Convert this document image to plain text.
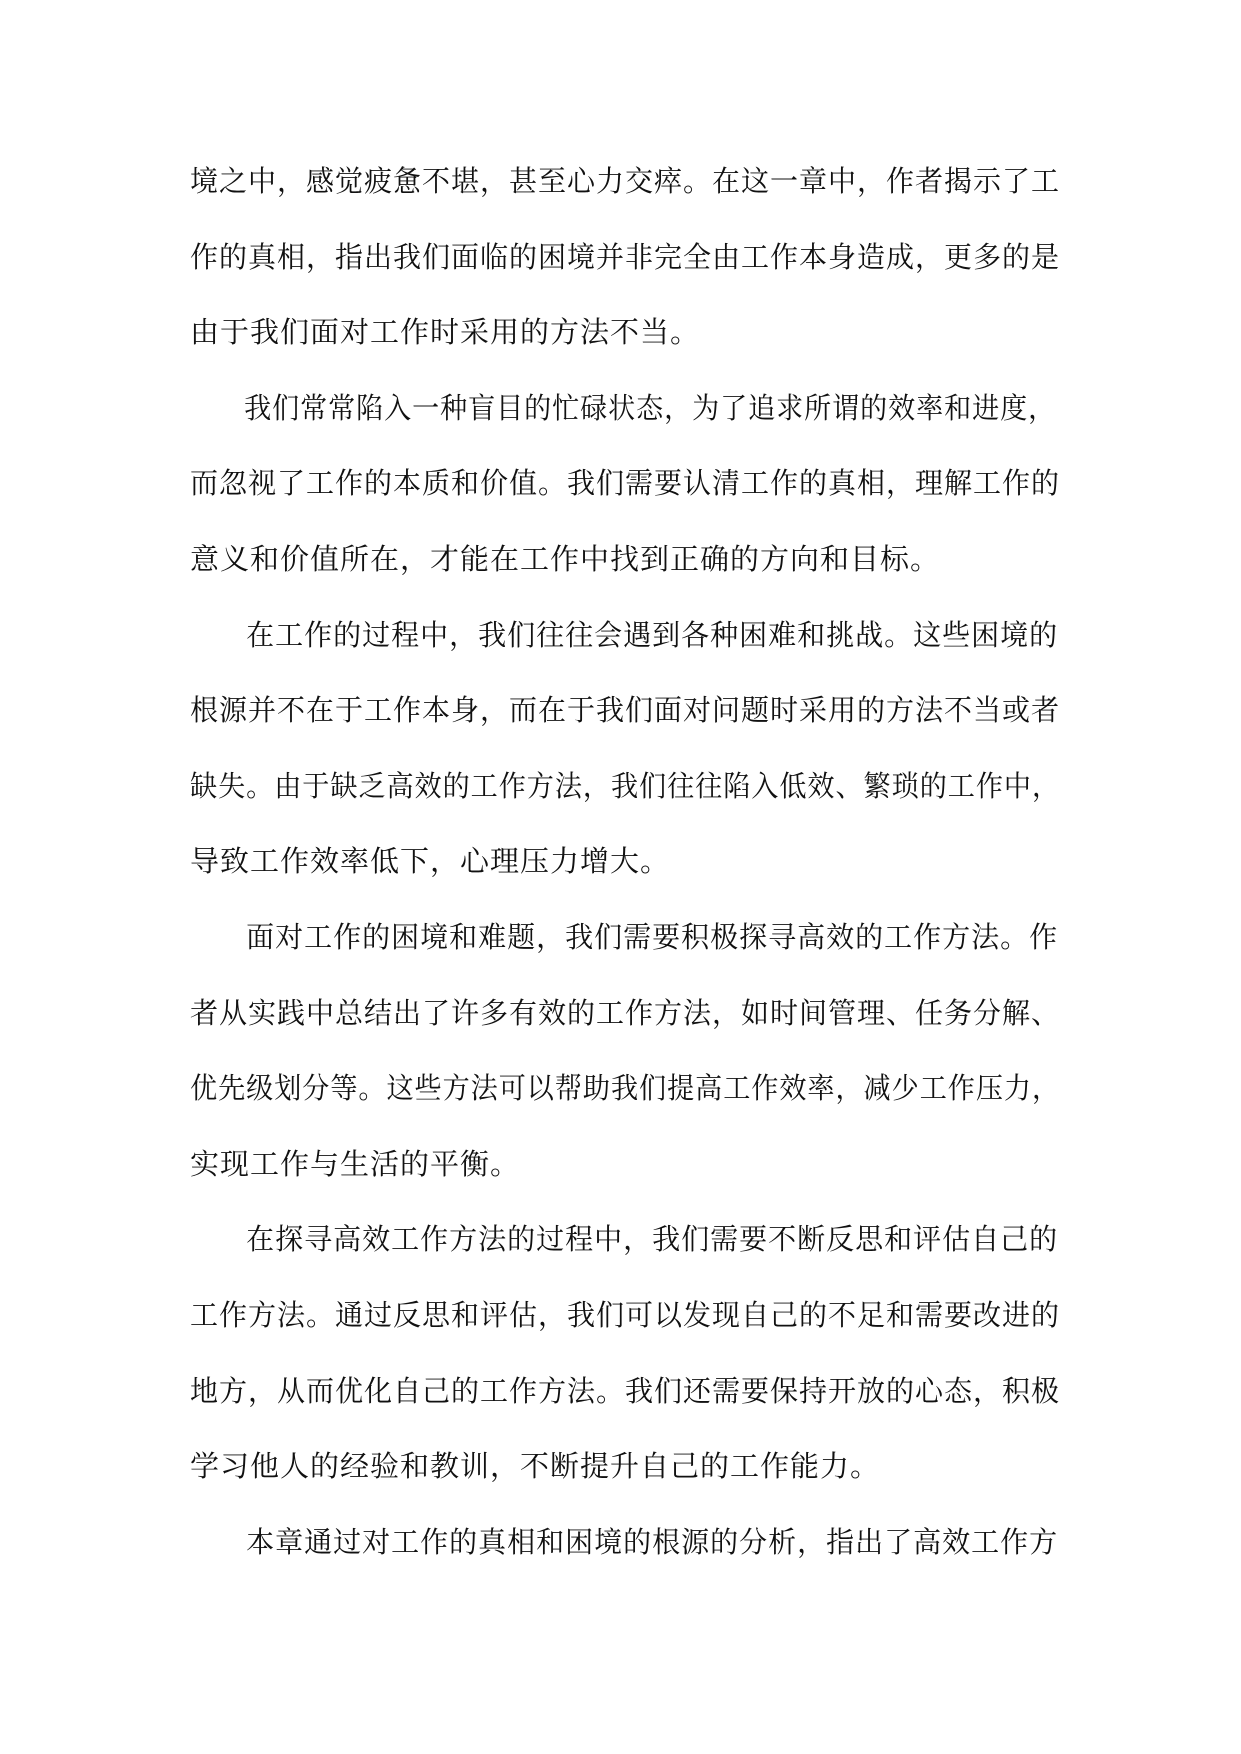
境之中，感觉疲惫不堪，甚至心力交瘁。在这一章中，作者揭示了工
作的真相，指出我们面临的困境并非完全由工作本身造成，更多的是
由于我们面对工作时采用的方法不当。

我们常常陷入一种盲目的忙碌状态，为了追求所谓的效率和进度，
而忽视了工作的本质和价值。我们需要认清工作的真相，理解工作的
意义和价值所在，才能在工作中找到正确的方向和目标。

在工作的过程中，我们往往会遇到各种困难和挑战。这些困境的
根源并不在于工作本身，而在于我们面对问题时采用的方法不当或者
缺失。由于缺乏高效的工作方法，我们往往陷入低效、繁琐的工作中，
导致工作效率低下，心理压力增大。

面对工作的困境和难题，我们需要积极探寻高效的工作方法。作
者从实践中总结出了许多有效的工作方法，如时间管理、任务分解、
优先级划分等。这些方法可以帮助我们提高工作效率，减少工作压力，
实现工作与生活的平衡。

在探寻高效工作方法的过程中，我们需要不断反思和评估自己的
工作方法。通过反思和评估，我们可以发现自己的不足和需要改进的
地方，从而优化自己的工作方法。我们还需要保持开放的心态，积极
学习他人的经验和教训，不断提升自己的工作能力。

本章通过对工作的真相和困境的根源的分析，指出了高效工作方
